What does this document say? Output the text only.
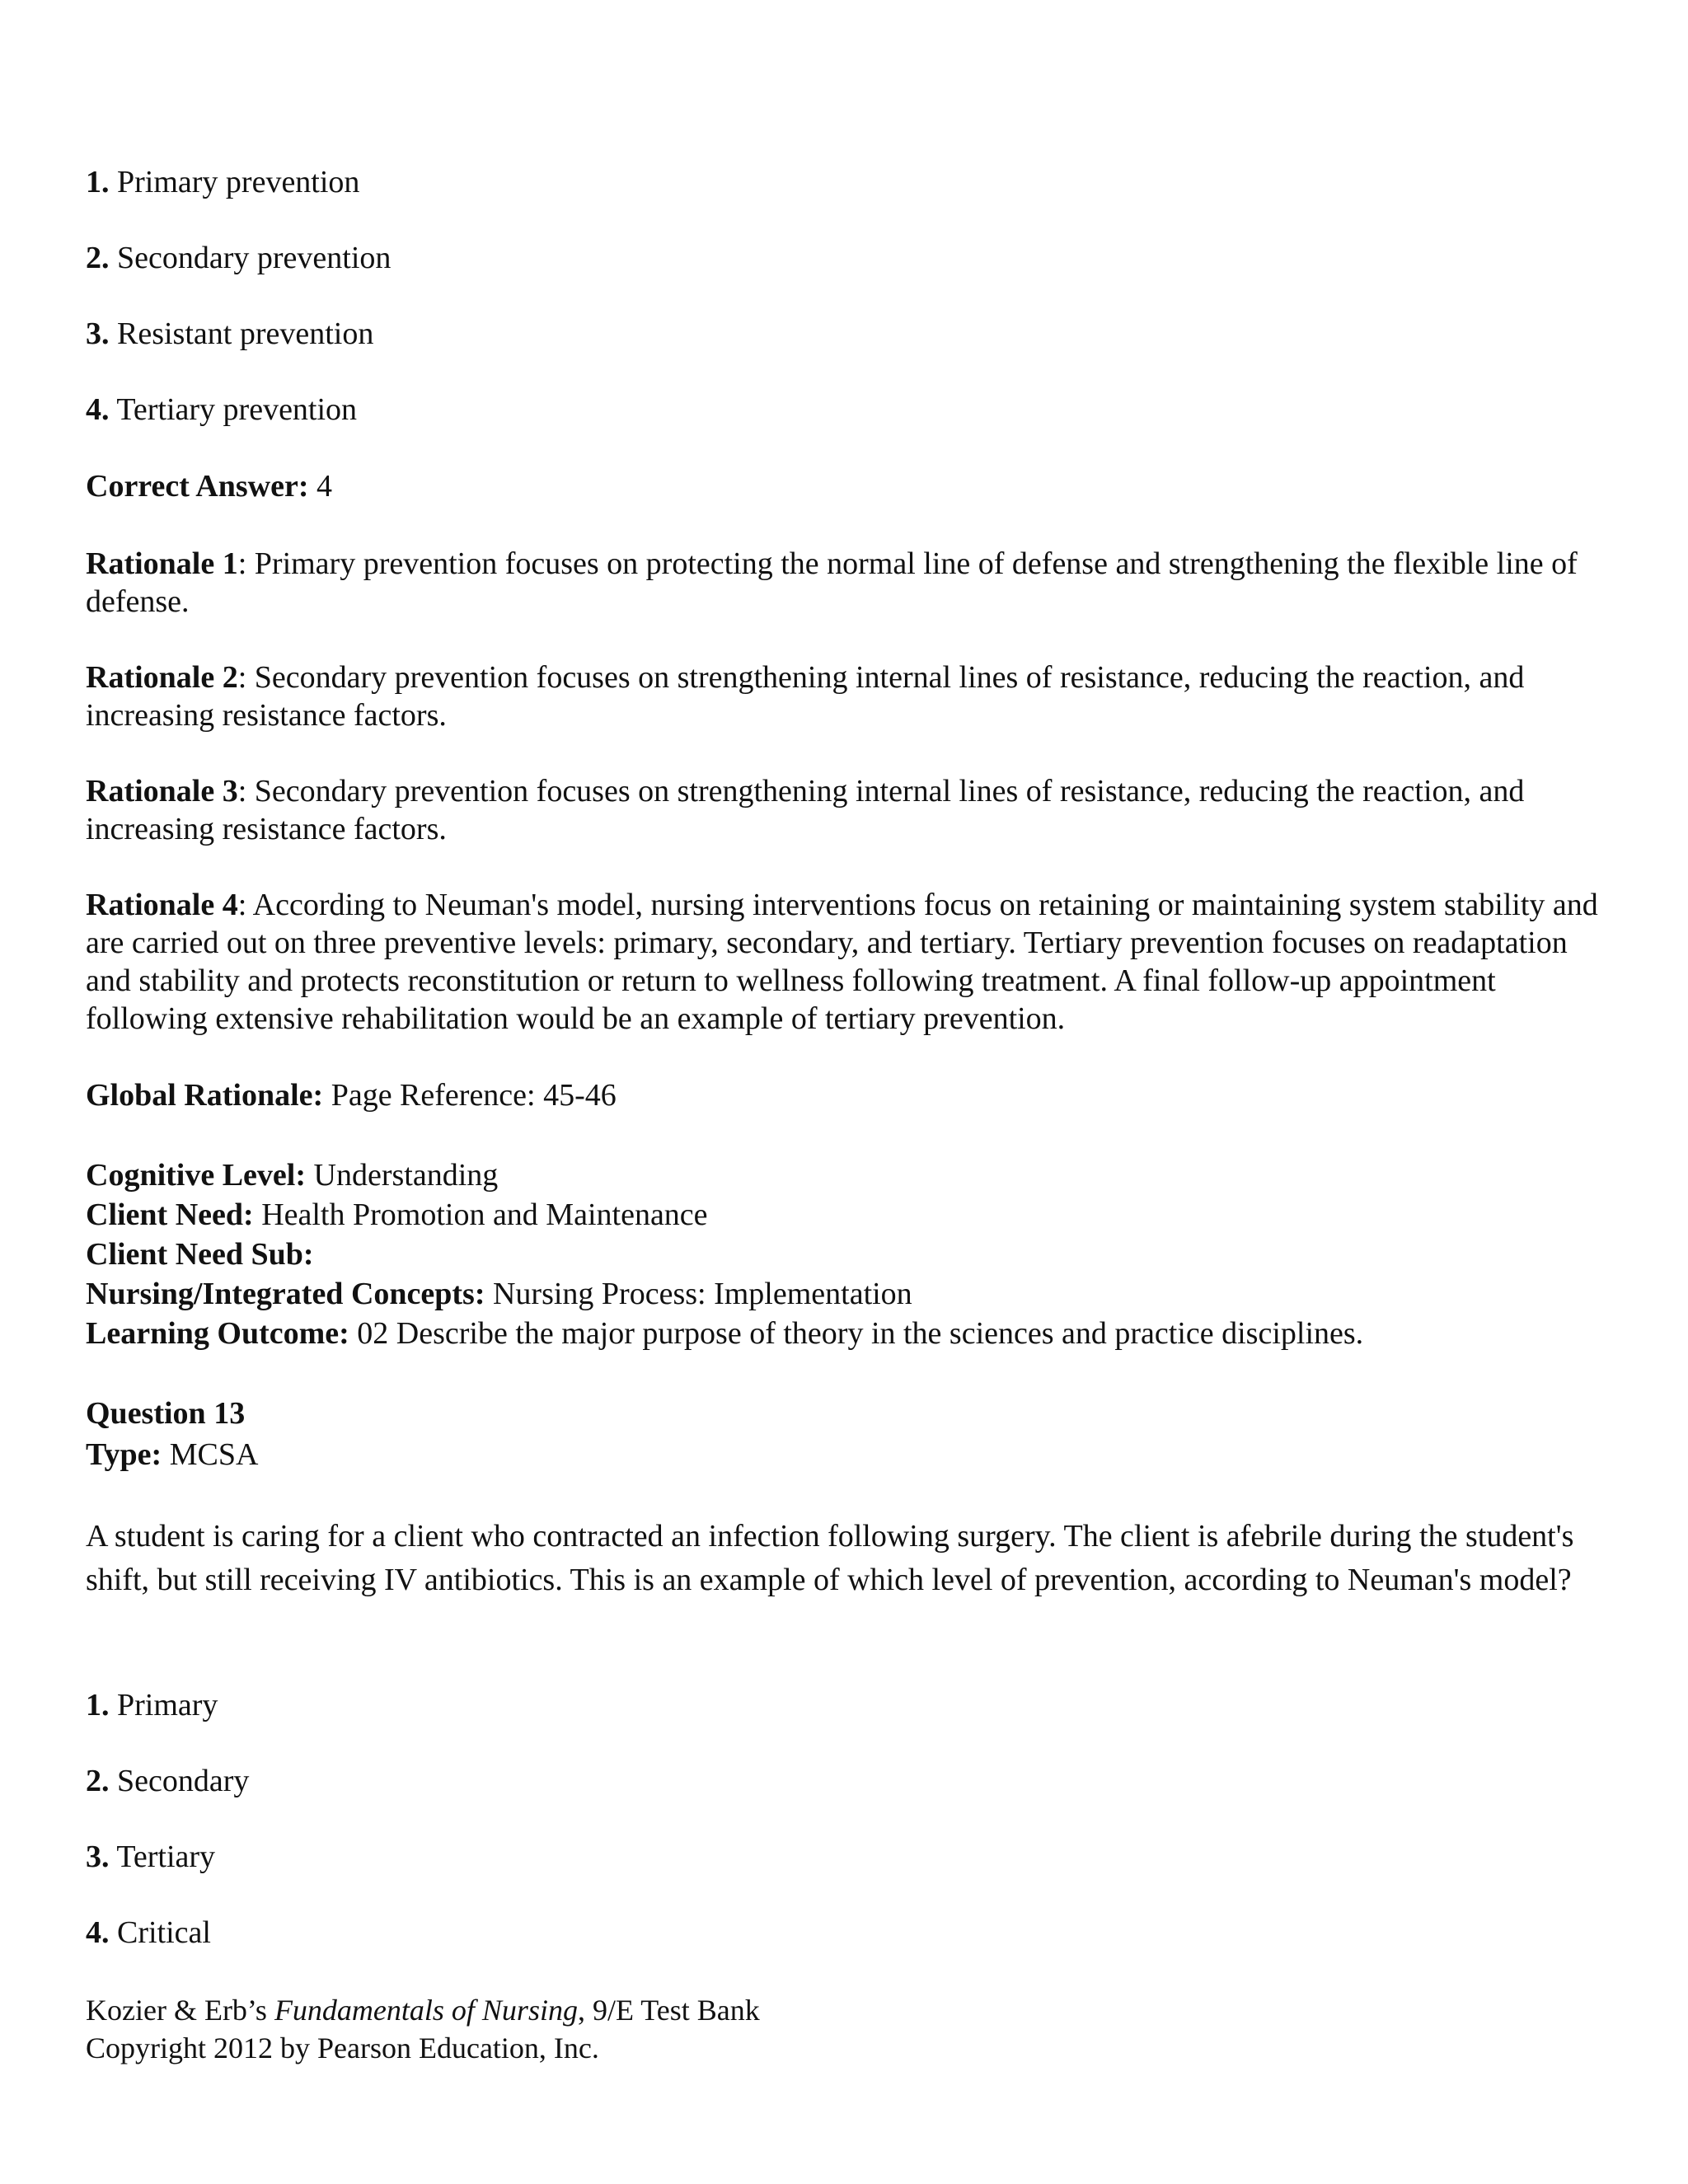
1. Primary prevention

2. Secondary prevention

3. Resistant prevention

4. Tertiary prevention

Correct Answer: 4

Rationale 1: Primary prevention focuses on protecting the normal line of defense and strengthening the flexible line of defense.

Rationale 2: Secondary prevention focuses on strengthening internal lines of resistance, reducing the reaction, and increasing resistance factors.

Rationale 3: Secondary prevention focuses on strengthening internal lines of resistance, reducing the reaction, and increasing resistance factors.

Rationale 4: According to Neuman's model, nursing interventions focus on retaining or maintaining system stability and are carried out on three preventive levels: primary, secondary, and tertiary. Tertiary prevention focuses on readaptation and stability and protects reconstitution or return to wellness following treatment. A final follow-up appointment following extensive rehabilitation would be an example of tertiary prevention.

Global Rationale: Page Reference: 45-46

Cognitive Level: Understanding

Client Need: Health Promotion and Maintenance

Client Need Sub:

Nursing/Integrated Concepts: Nursing Process: Implementation

Learning Outcome: 02 Describe the major purpose of theory in the sciences and practice disciplines.

Question 13

Type: MCSA

A student is caring for a client who contracted an infection following surgery. The client is afebrile during the student's shift, but still receiving IV antibiotics. This is an example of which level of prevention, according to Neuman's model?

1. Primary

2. Secondary

3. Tertiary

4. Critical

Kozier & Erb’s Fundamentals of Nursing, 9/E Test Bank

Copyright 2012 by Pearson Education, Inc.
